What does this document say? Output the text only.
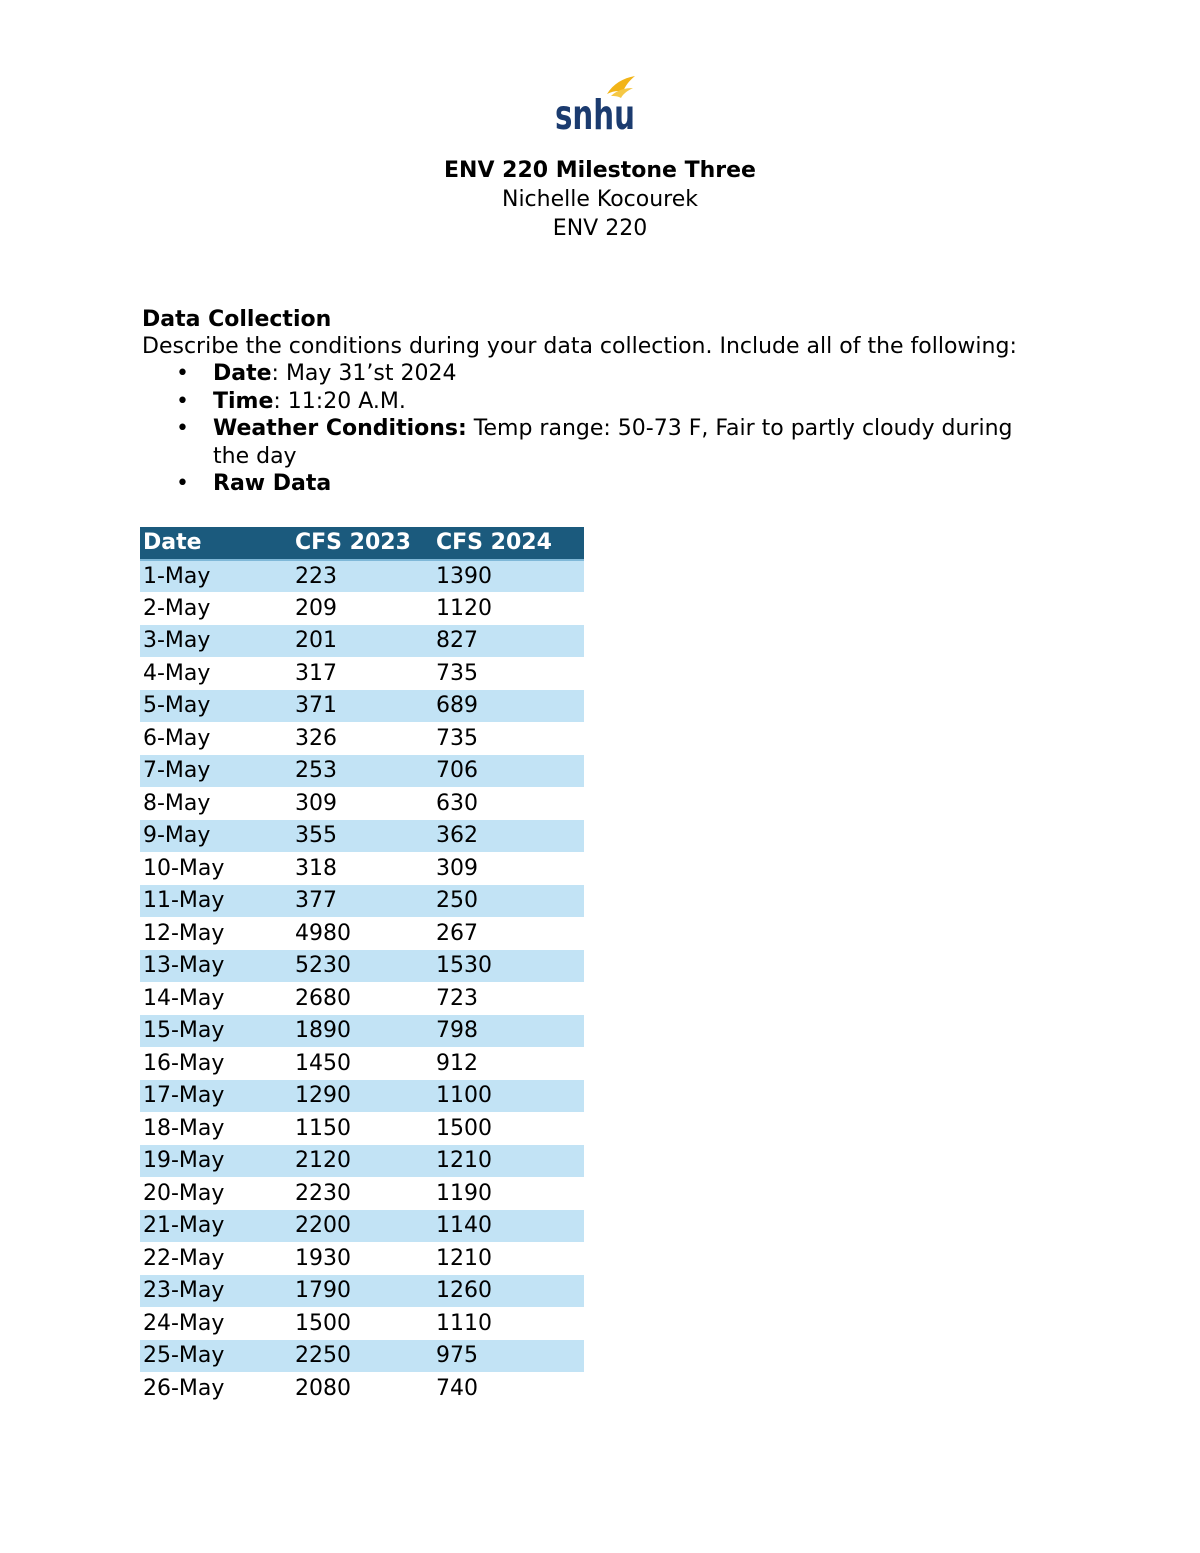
snhu
ENV 220 Milestone Three
Nichelle Kocourek
ENV 220

Data Collection

Describe the conditions during your data collection. Include all of the following:

• Date: May 31’st 2024
• Time: 11:20 A.M.
• Weather Conditions: Temp range: 50-73 F, Fair to partly cloudy during the day
• Raw Data
Date	CFS 2023	CFS 2024
1-May	223	1390
2-May	209	1120
3-May	201	827
4-May	317	735
5-May	371	689
6-May	326	735
7-May	253	706
8-May	309	630
9-May	355	362
10-May	318	309
11-May	377	250
12-May	4980	267
13-May	5230	1530
14-May	2680	723
15-May	1890	798
16-May	1450	912
17-May	1290	1100
18-May	1150	1500
19-May	2120	1210
20-May	2230	1190
21-May	2200	1140
22-May	1930	1210
23-May	1790	1260
24-May	1500	1110
25-May	2250	975
26-May	2080	740
